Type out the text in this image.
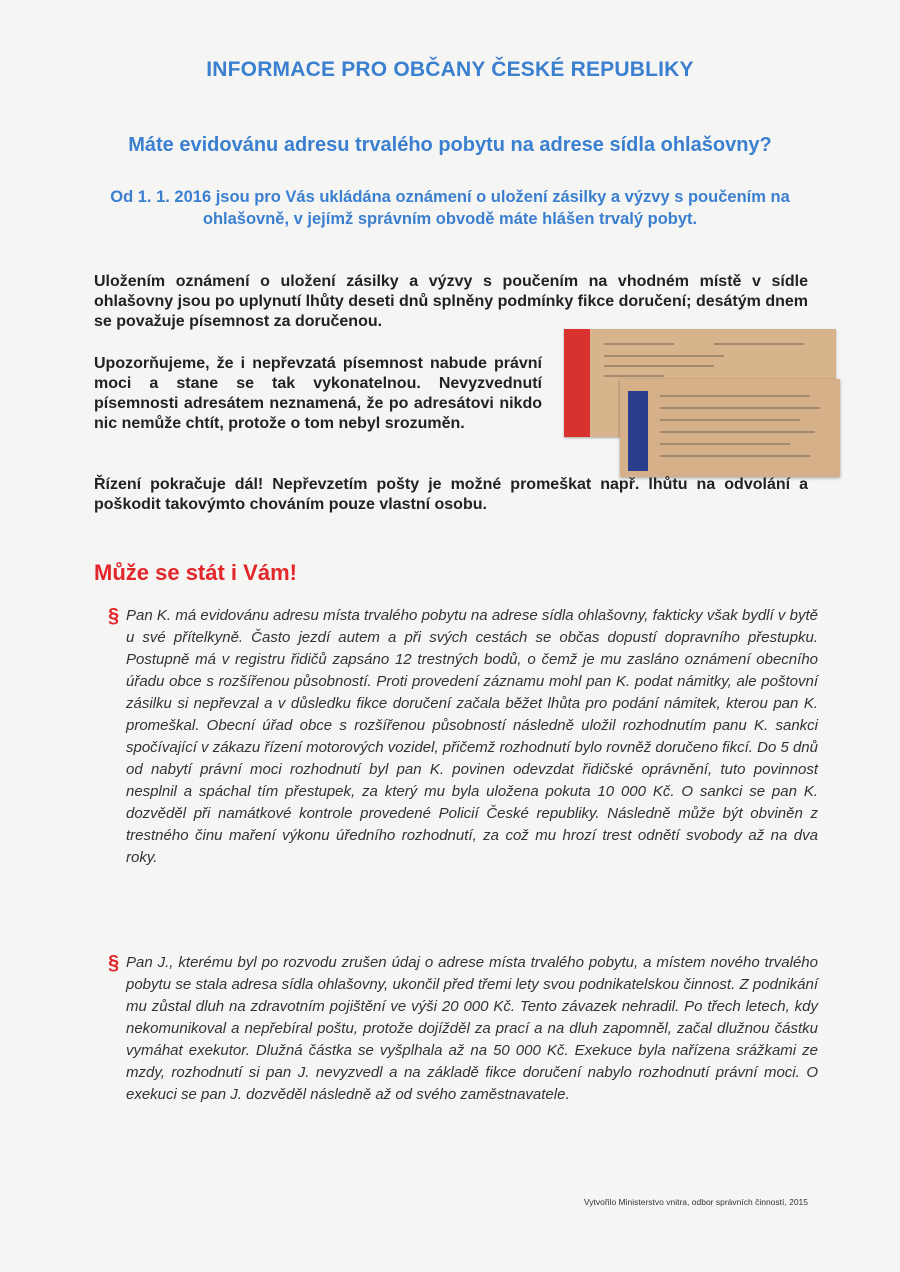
INFORMACE PRO OBČANY ČESKÉ REPUBLIKY
Máte evidovánu adresu trvalého pobytu na adrese sídla ohlašovny?
Od 1. 1. 2016 jsou pro Vás ukládána oznámení o uložení zásilky a výzvy s poučením na ohlašovně, v jejímž správním obvodě máte hlášen trvalý pobyt.
Uložením oznámení o uložení zásilky a výzvy s poučením na vhodném místě v sídle ohlašovny jsou po uplynutí lhůty deseti dnů splněny podmínky fikce doručení; desátým dnem se považuje písemnost za doručenou.
Upozorňujeme, že i nepřevzatá písemnost nabude právní moci a stane se tak vykonatelnou. Nevyzvednutí písemnosti adresátem neznamená, že po adresátovi nikdo nic nemůže chtít, protože o tom nebyl srozuměn.
Řízení pokračuje dál! Nepřevzetím pošty je možné promeškat např. lhůtu na odvolání a poškodit takovýmto chováním pouze vlastní osobu.
Může se stát i Vám!
§ Pan K. má evidovánu adresu místa trvalého pobytu na adrese sídla ohlašovny, fakticky však bydlí v bytě u své přítelkyně. Často jezdí autem a při svých cestách se občas dopustí dopravního přestupku. Postupně má v registru řidičů zapsáno 12 trestných bodů, o čemž je mu zasláno oznámení obecního úřadu obce s rozšířenou působností. Proti provedení záznamu mohl pan K. podat námitky, ale poštovní zásilku si nepřevzal a v důsledku fikce doručení začala běžet lhůta pro podání námitek, kterou pan K. promeškal. Obecní úřad obce s rozšířenou působností následně uložil rozhodnutím panu K. sankci spočívající v zákazu řízení motorových vozidel, přičemž rozhodnutí bylo rovněž doručeno fikcí. Do 5 dnů od nabytí právní moci rozhodnutí byl pan K. povinen odevzdat řidičské oprávnění, tuto povinnost nesplnil a spáchal tím přestupek, za který mu byla uložena pokuta 10 000 Kč. O sankci se pan K. dozvěděl při namátkové kontrole provedené Policií České republiky. Následně může být obviněn z trestného činu maření výkonu úředního rozhodnutí, za což mu hrozí trest odnětí svobody až na dva roky.
§ Pan J., kterému byl po rozvodu zrušen údaj o adrese místa trvalého pobytu, a místem nového trvalého pobytu se stala adresa sídla ohlašovny, ukončil před třemi lety svou podnikatelskou činnost. Z podnikání mu zůstal dluh na zdravotním pojištění ve výši 20 000 Kč. Tento závazek nehradil. Po třech letech, kdy nekomunikoval a nepřebíral poštu, protože dojížděl za prací a na dluh zapomněl, začal dlužnou částku vymáhat exekutor. Dlužná částka se vyšplhala až na 50 000 Kč. Exekuce byla nařízena srážkami ze mzdy, rozhodnutí si pan J. nevyzvedl a na základě fikce doručení nabylo rozhodnutí právní moci. O exekuci se pan J. dozvěděl následně až od svého zaměstnavatele.
Vytvořilo Ministerstvo vnitra, odbor správních činností, 2015
